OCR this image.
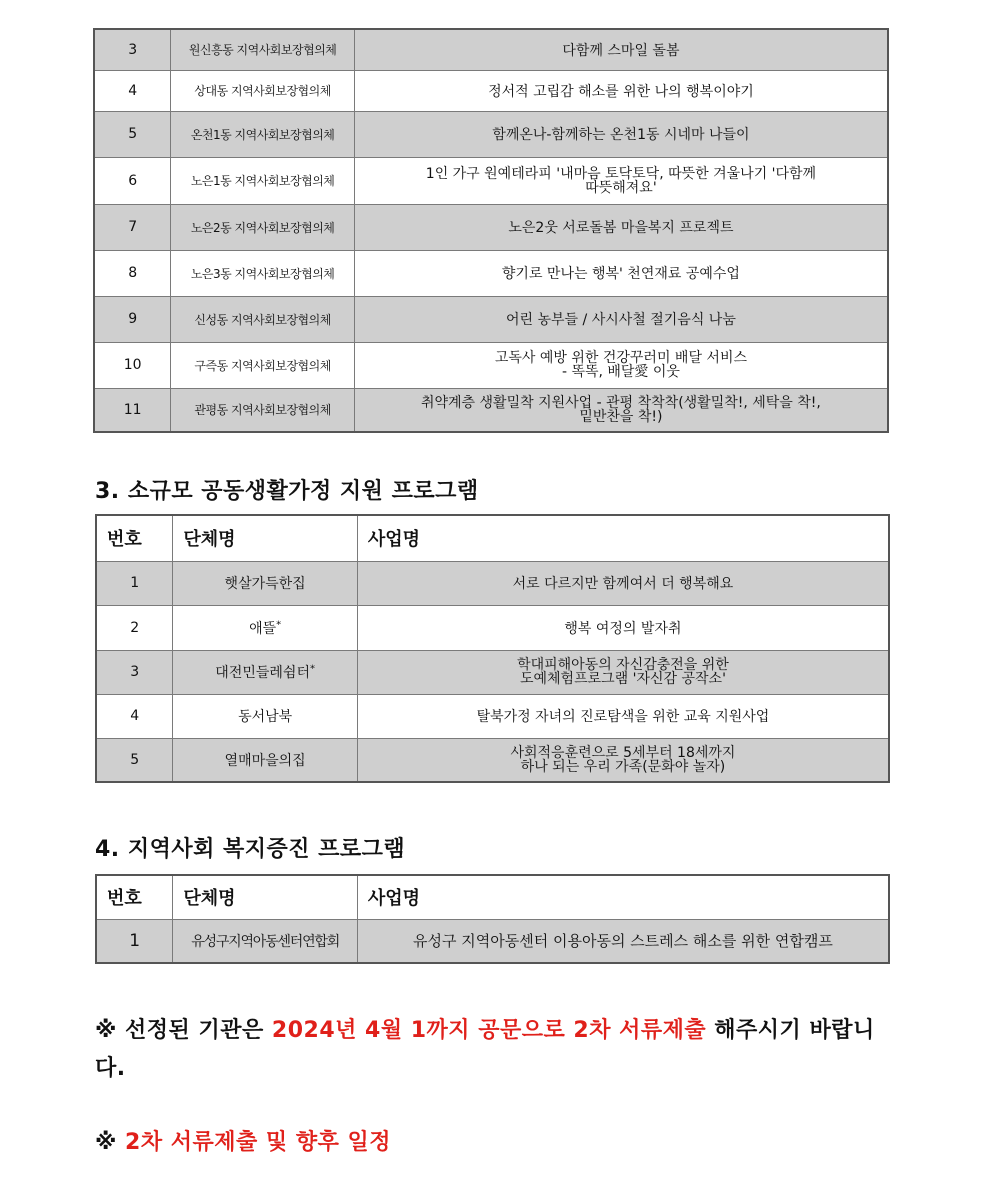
3	원신흥동 지역사회보장협의체	다함께 스마일 돌봄
4	상대동 지역사회보장협의체	정서적 고립감 해소를 위한 나의 행복이야기
5	온천1동 지역사회보장협의체	함께온나-함께하는 온천1동 시네마 나들이
6	노은1동 지역사회보장협의체	1인 가구 원예테라피 '내마음 토닥토닥, 따뜻한 겨울나기 '다함께
따뜻해져요'

7	노은2동 지역사회보장협의체	노은2웃 서로돌봄 마을복지 프로젝트
8	노은3동 지역사회보장협의체	향기로 만나는 행복' 천연재료 공예수업
9	신성동 지역사회보장협의체	어린 농부들 / 사시사철 절기음식 나눔
10	구즉동 지역사회보장협의체	고독사 예방 위한 건강꾸러미 배달 서비스
- 똑똑, 배달愛 이웃

11	관평동 지역사회보장협의체	취약계층 생활밀착 지원사업 - 관평 착착착(생활밀착!, 세탁을 착!,
밑반찬을 착!)
3. 소규모 공동생활가정 지원 프로그램
번호	단체명	사업명
1	햇살가득한집	서로 다르지만 함께여서 더 행복해요
2	애뜰*	행복 여정의 발자취
3	대전민들레쉼터*	학대피해아동의 자신감충전을 위한
도예체험프로그램 '자신감 공작소'

4	동서남북	탈북가정 자녀의 진로탐색을 위한 교육 지원사업
5	열매마을의집	사회적응훈련으로 5세부터 18세까지
하나 되는 우리 가족(문화야 놀자)
4. 지역사회 복지증진 프로그램
번호	단체명	사업명
1	유성구지역아동센터연합회	유성구 지역아동센터 이용아동의 스트레스 해소를 위한 연합캠프

※ 선정된 기관은 2024년 4월 1까지 공문으로 2차 서류제출 해주시기 바랍니다.

※ 2차 서류제출 및 향후 일정
